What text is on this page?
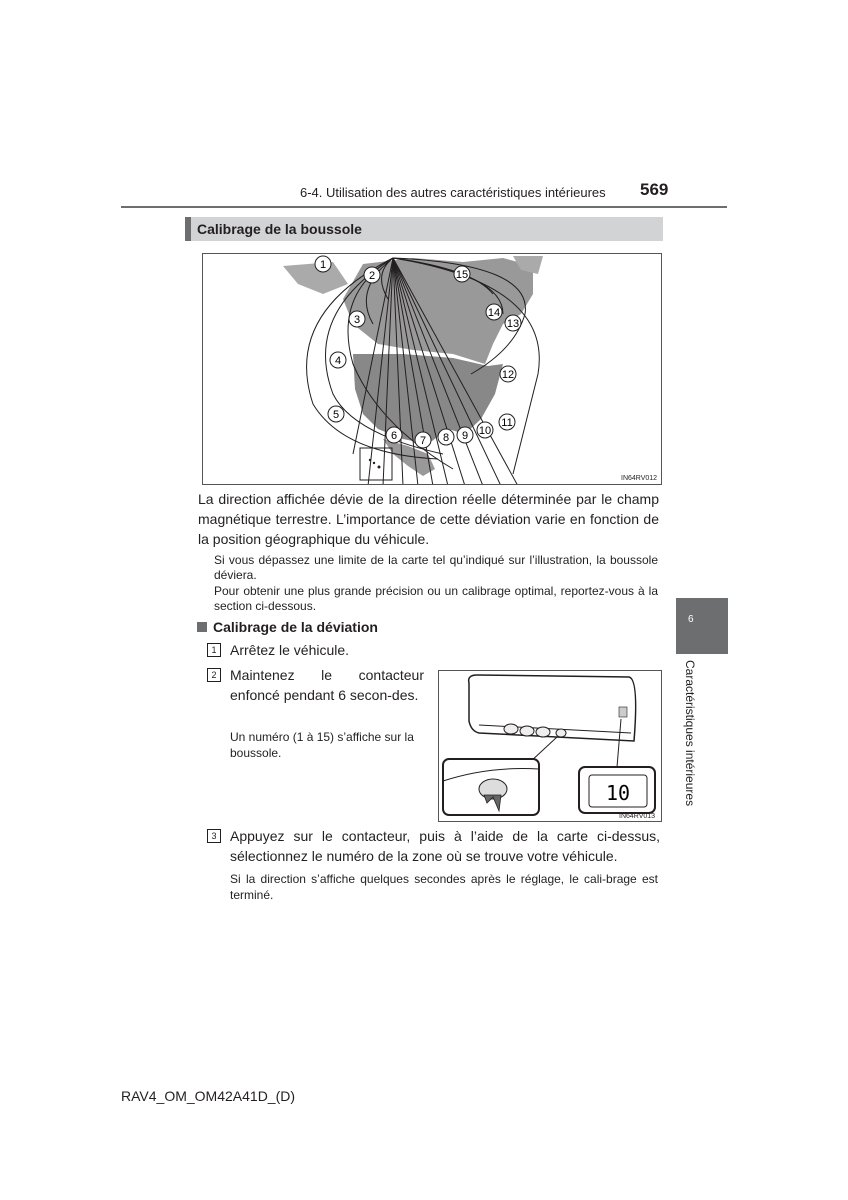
6-4. Utilisation des autres caractéristiques intérieures 569
Calibrage de la boussole
1
2
3
4
5
6 7 8 9 10
11
12
13
14
15
IN64RV012
La direction affichée dévie de la direction réelle déterminée par le champ magnétique terrestre. L’importance de cette déviation varie en fonction de la position géographique du véhicule.
Si vous dépassez une limite de la carte tel qu’indiqué sur l’illustration, la boussole déviera.
Pour obtenir une plus grande précision ou un calibrage optimal, reportez-vous à la section ci-dessous.
Calibrage de la déviation
1 Arrêtez le véhicule.
2 Maintenez le contacteur enfoncé pendant 6 secon-des.
Un numéro (1 à 15) s’affiche sur la boussole.
10
IN64RV013
3 Appuyez sur le contacteur, puis à l’aide de la carte ci-dessus, sélectionnez le numéro de la zone où se trouve votre véhicule.
Si la direction s’affiche quelques secondes après le réglage, le cali-brage est terminé.
6
Caractéristiques intérieures
RAV4_OM_OM42A41D_(D)
